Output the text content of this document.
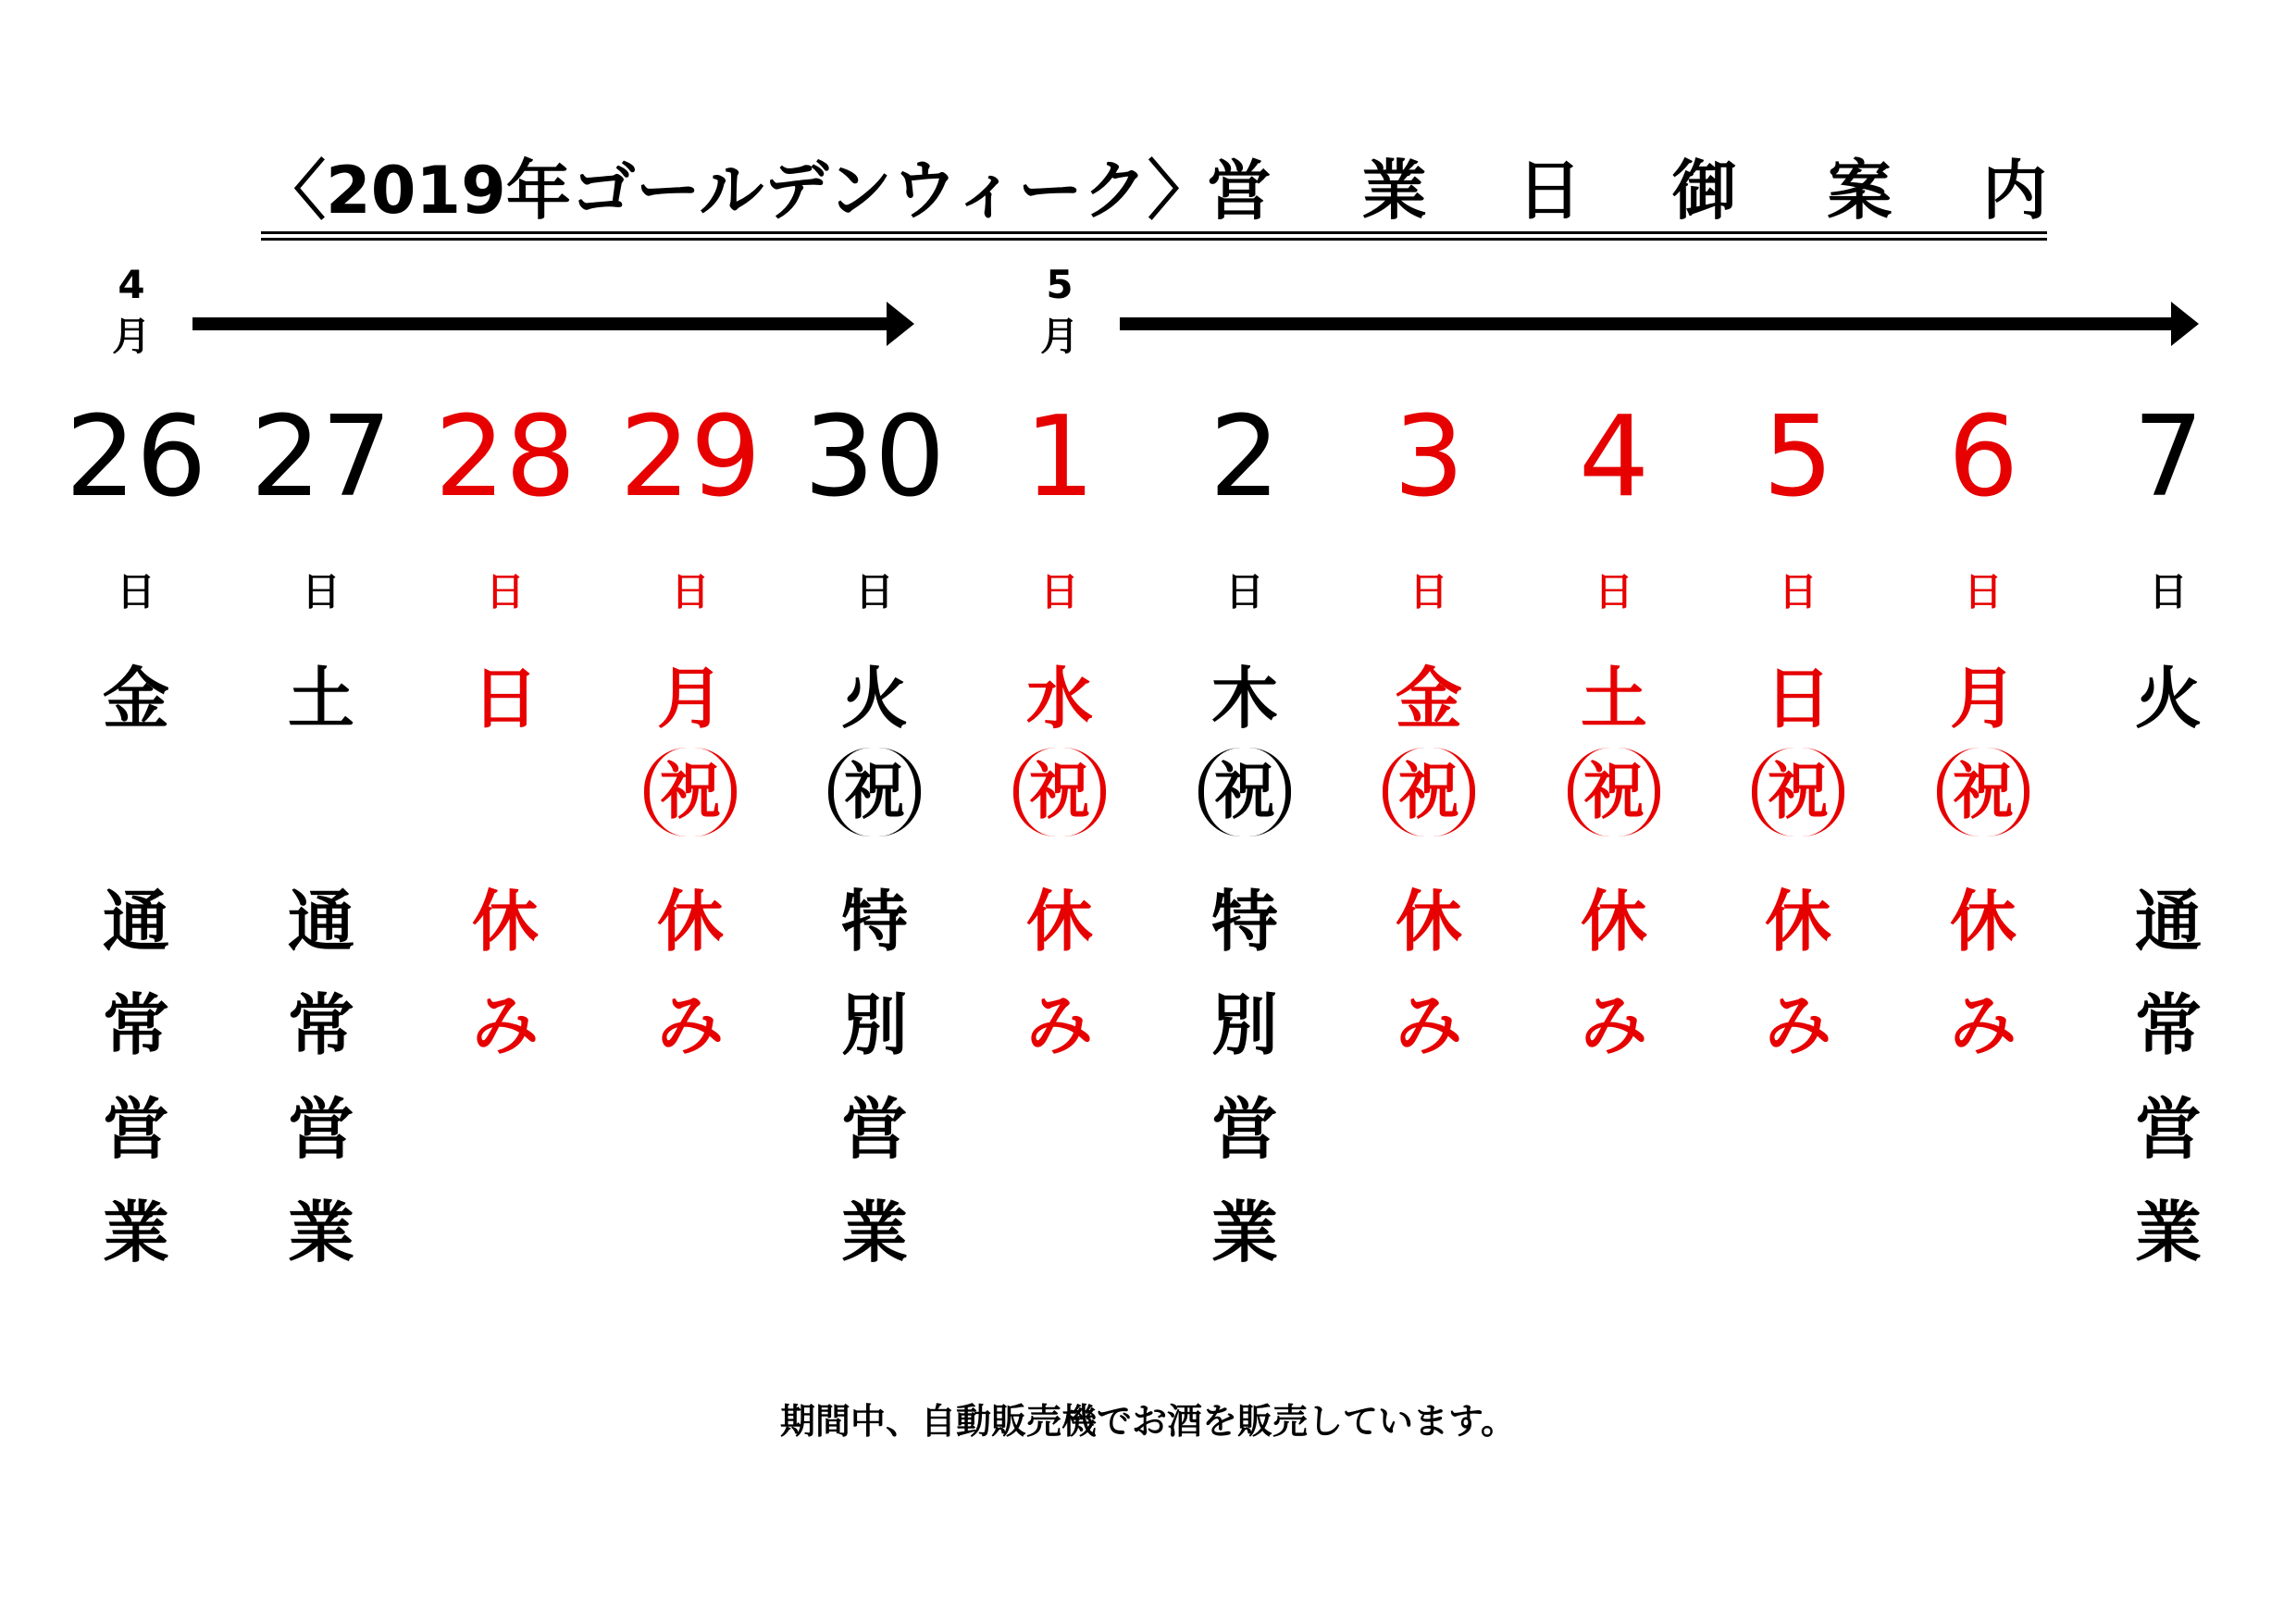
〈2019年ゴールデンウィーク〉
営 業 日 御 案 内
4
月
5
月
26
日
金
通
常
営
業
27
日
土
通
常
営
業
28
日
日
休
み
29
日
月
祝
休
み
30
日
火
祝
特
別
営
業
1
日
水
祝
休
み
2
日
木
祝
特
別
営
業
3
日
金
祝
休
み
4
日
土
祝
休
み
5
日
日
祝
休
み
6
日
月
祝
休
み
7
日
火
通
常
営
業
期間中、自動販売機でお酒を販売しています。
